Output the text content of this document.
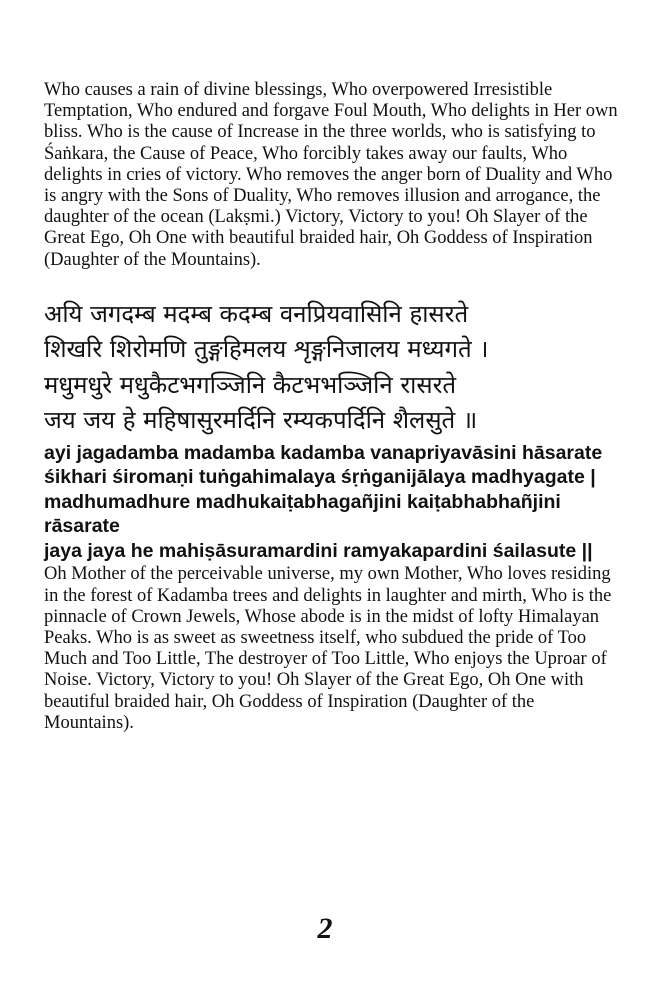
Who causes a rain of divine blessings, Who overpowered Irresistible Temptation, Who endured and forgave Foul Mouth, Who delights in Her own bliss. Who is the cause of Increase in the three worlds, who is satisfying to Śaṅkara, the Cause of Peace, Who forcibly takes away our faults, Who delights in cries of victory. Who removes the anger born of Duality and Who is angry with the Sons of Duality, Who removes illusion and arrogance, the daughter of the ocean (Lakṣmi.) Victory, Victory to you! Oh Slayer of the Great Ego, Oh One with beautiful braided hair, Oh Goddess of Inspiration (Daughter of the Mountains).

अयि जगदम्ब मदम्ब कदम्ब वनप्रियवासिनि हासरते
शिखरि शिरोमणि तुङ्गहिमलय शृङ्गनिजालय मध्यगते ।
मधुमधुरे मधुकैटभगञ्जिनि कैटभभञ्जिनि रासरते
जय जय हे महिषासुरमर्दिनि रम्यकपर्दिनि शैलसुते ॥
ayi jagadamba madamba kadamba vanapriyavāsini hāsarate
śikhari śiromaṇi tuṅgahimalaya śṛṅganijālaya madhyagate |
madhumadhure madhukaiṭabhagañjini kaiṭabhabhañjini
rāsarate
jaya jaya he mahiṣāsuramardini ramyakapardini śailasute ||

Oh Mother of the perceivable universe, my own Mother, Who loves residing in the forest of Kadamba trees and delights in laughter and mirth, Who is the pinnacle of Crown Jewels, Whose abode is in the midst of lofty Himalayan Peaks. Who is as sweet as sweetness itself, who subdued the pride of Too Much and Too Little, The destroyer of Too Little, Who enjoys the Uproar of Noise. Victory, Victory to you! Oh Slayer of the Great Ego, Oh One with beautiful braided hair, Oh Goddess of Inspiration (Daughter of the Mountains).

2
